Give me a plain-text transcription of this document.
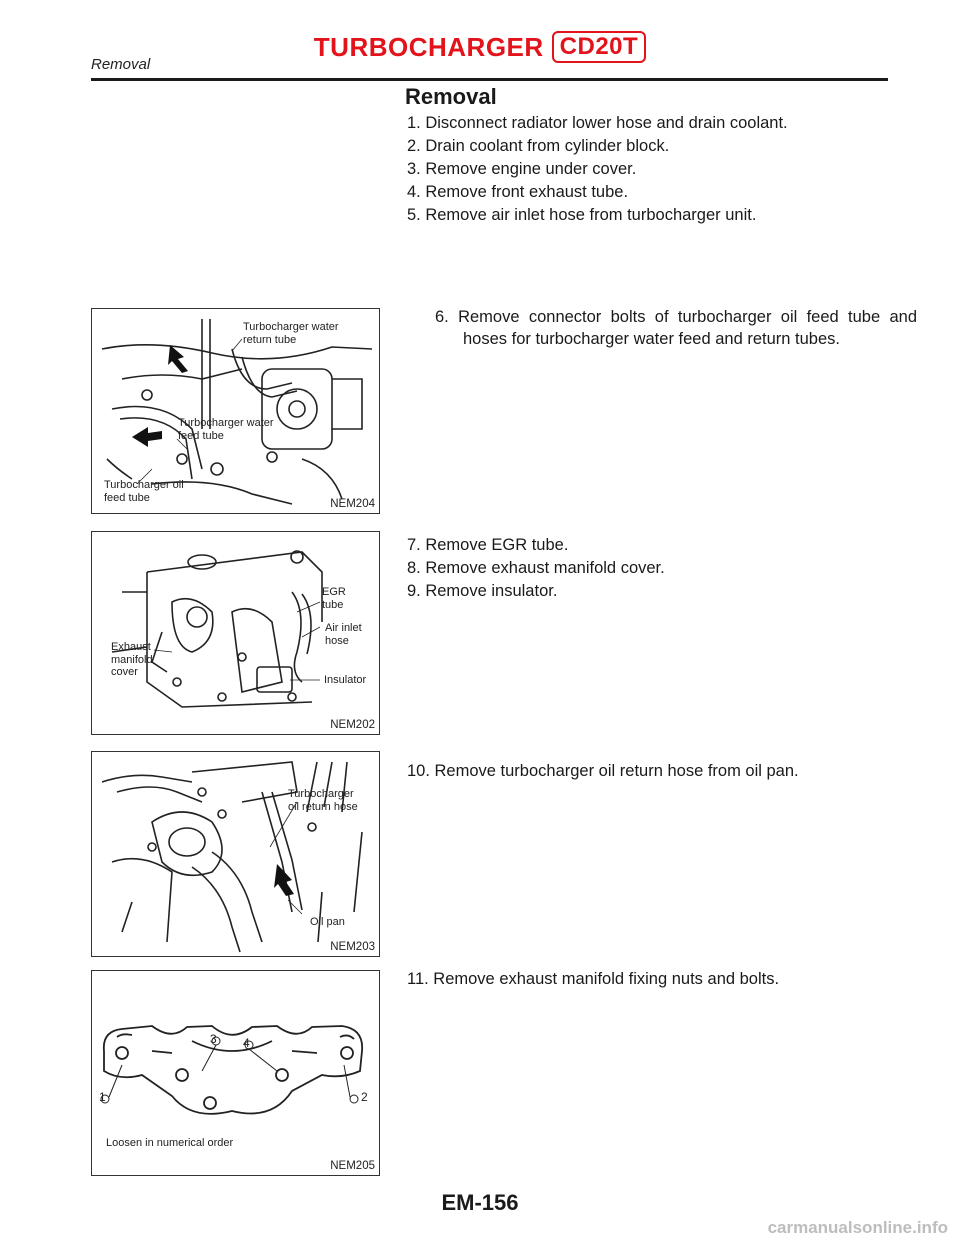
TURBOCHARGER CD20T
Removal
Removal
1. Disconnect radiator lower hose and drain coolant.
2. Drain coolant from cylinder block.
3. Remove engine under cover.
4. Remove front exhaust tube.
5. Remove air inlet hose from turbocharger unit.
6. Remove connector bolts of turbocharger oil feed tube and hoses for turbocharger water feed and return tubes.
7. Remove EGR tube.
8. Remove exhaust manifold cover.
9. Remove insulator.
10. Remove turbocharger oil return hose from oil pan.
11. Remove exhaust manifold fixing nuts and bolts.
Turbocharger water
return tube
Turbocharger water
feed tube
Turbocharger oil
feed tube
NEM204
EGR
tube
Air inlet
hose
Exhaust
manifold
cover
Insulator
NEM202
Turbocharger
oil return hose
Oil pan
NEM203
1	2
3 4
Loosen in numerical order
NEM205
EM-156
carmanualsonline.info
